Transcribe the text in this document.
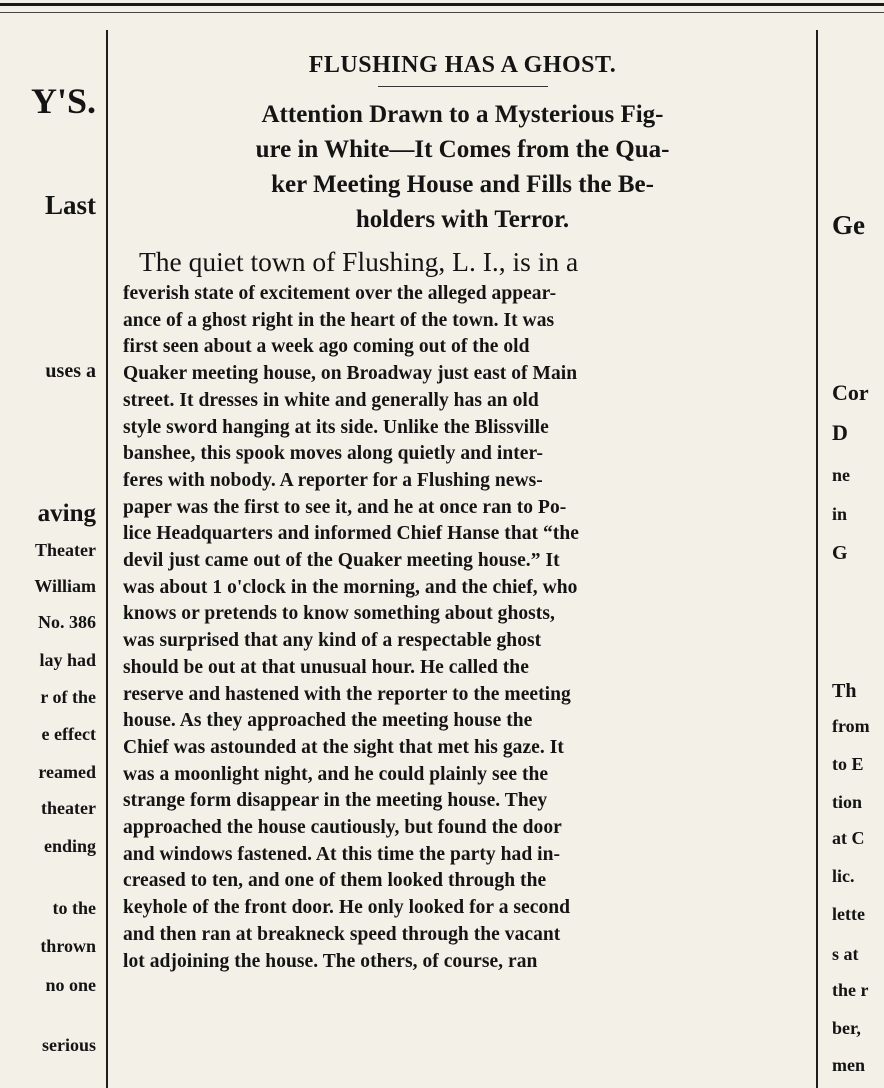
Y'S.
Last
uses a
aving
Theater
William
No. 386
lay had
r of the
e effect
reamed
theater
ending
to the
thrown
no one
serious
FLUSHING HAS A GHOST.
Attention Drawn to a Mysterious Fig-
ure in White—It Comes from the Qua-
ker Meeting House and Fills the Be-
holders with Terror.
The quiet town of Flushing, L. I., is in a
feverish state of excitement over the alleged appear-
ance of a ghost right in the heart of the town. It was
first seen about a week ago coming out of the old
Quaker meeting house, on Broadway just east of Main
street. It dresses in white and generally has an old
style sword hanging at its side. Unlike the Blissville
banshee, this spook moves along quietly and inter-
feres with nobody. A reporter for a Flushing news-
paper was the first to see it, and he at once ran to Po-
lice Headquarters and informed Chief Hanse that “the
devil just came out of the Quaker meeting house.” It
was about 1 o'clock in the morning, and the chief, who
knows or pretends to know something about ghosts,
was surprised that any kind of a respectable ghost
should be out at that unusual hour. He called the
reserve and hastened with the reporter to the meeting
house. As they approached the meeting house the
Chief was astounded at the sight that met his gaze. It
was a moonlight night, and he could plainly see the
strange form disappear in the meeting house. They
approached the house cautiously, but found the door
and windows fastened. At this time the party had in-
creased to ten, and one of them looked through the
keyhole of the front door. He only looked for a second
and then ran at breakneck speed through the vacant
lot adjoining the house. The others, of course, ran
Ge
Cor
D
ne
in
G
Th
from
to E
tion
at C
lic.
lette
s at
the r
ber,
men
